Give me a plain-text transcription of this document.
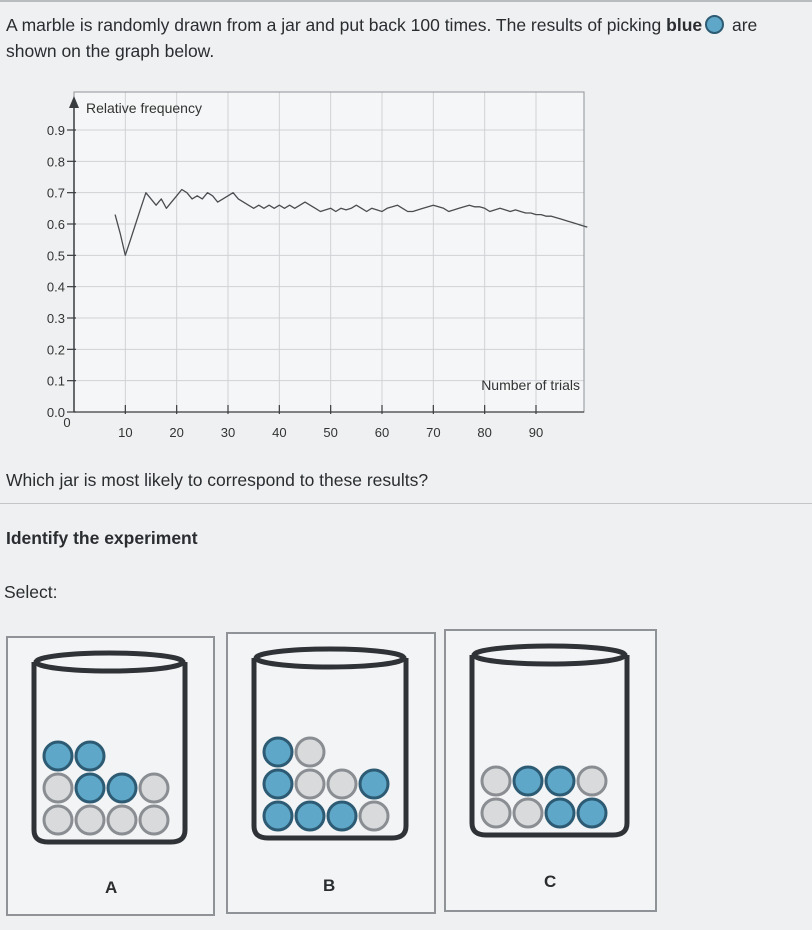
A marble is randomly drawn from a jar and put back 100 times. The results of picking blue are shown on the graph below.
0.0
0.1
0.2
0.3
0.4
0.5
0.6
0.7
0.8
0.9
0
10	20	30	40	50	60	70	80	90
Relative frequency
Number of trials
Which jar is most likely to correspond to these results?
Identify the experiment
Select:
A	B	C
